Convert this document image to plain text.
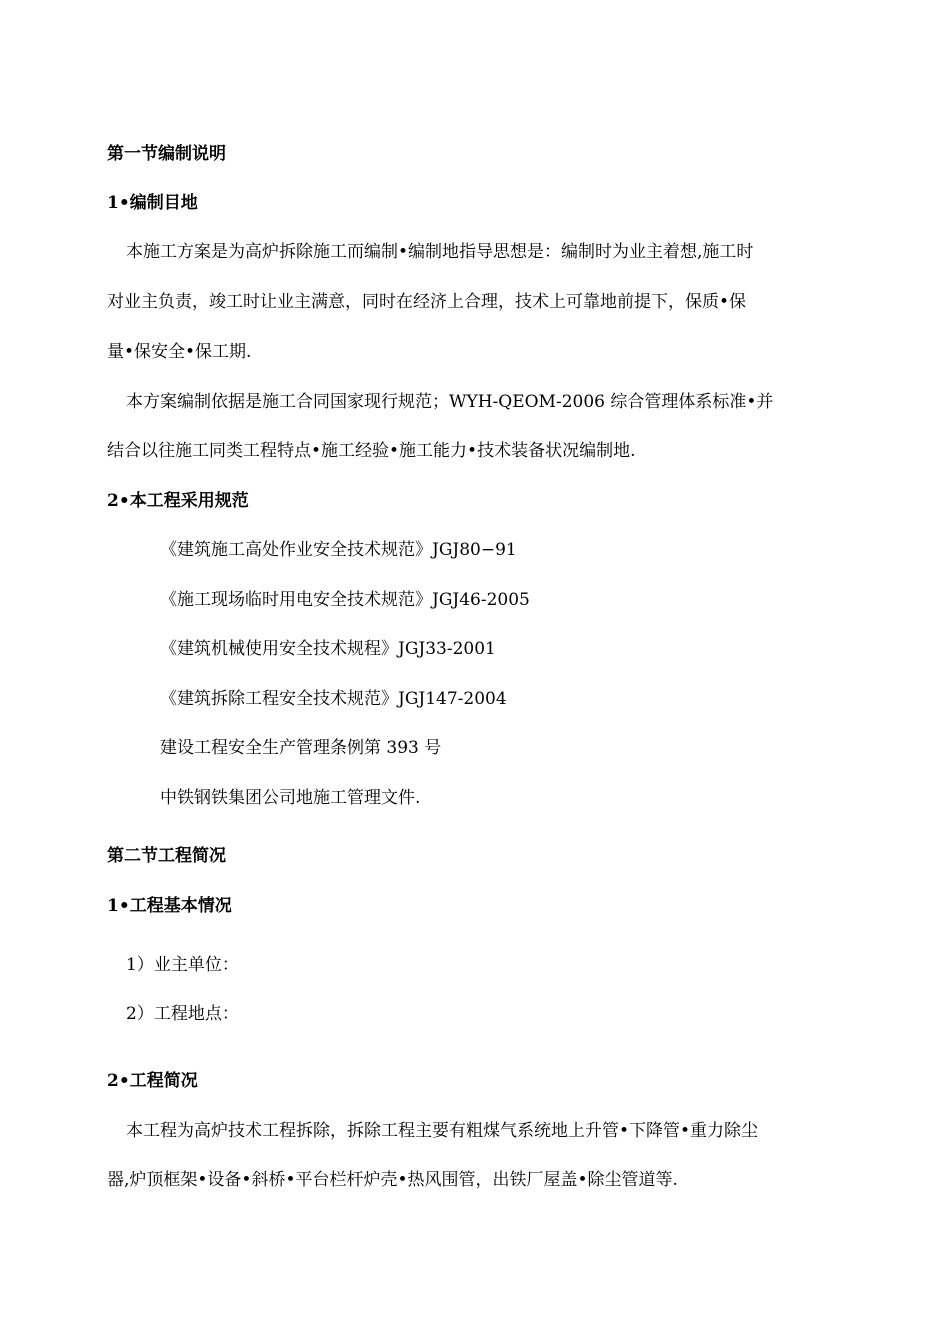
第一节编制说明
1•编制目地
本施工方案是为高炉拆除施工而编制•编制地指导思想是：编制时为业主着想,施工时
对业主负责，竣工时让业主满意，同时在经济上合理，技术上可靠地前提下，保质•保
量•保安全•保工期.
本方案编制依据是施工合同国家现行规范；WYH-QEOM-2006 综合管理体系标准•并
结合以往施工同类工程特点•施工经验•施工能力•技术装备状况编制地.
2•本工程采用规范
《建筑施工高处作业安全技术规范》JGJ80−91
《施工现场临时用电安全技术规范》JGJ46-2005
《建筑机械使用安全技术规程》JGJ33-2001
《建筑拆除工程安全技术规范》JGJ147-2004
建设工程安全生产管理条例第 393 号
中铁钢铁集团公司地施工管理文件.
第二节工程简况
1•工程基本情况
1）业主单位：
2）工程地点：
2•工程简况
本工程为高炉技术工程拆除，拆除工程主要有粗煤气系统地上升管•下降管•重力除尘
器,炉顶框架•设备•斜桥•平台栏杆炉壳•热风围管，出铁厂屋盖•除尘管道等.
